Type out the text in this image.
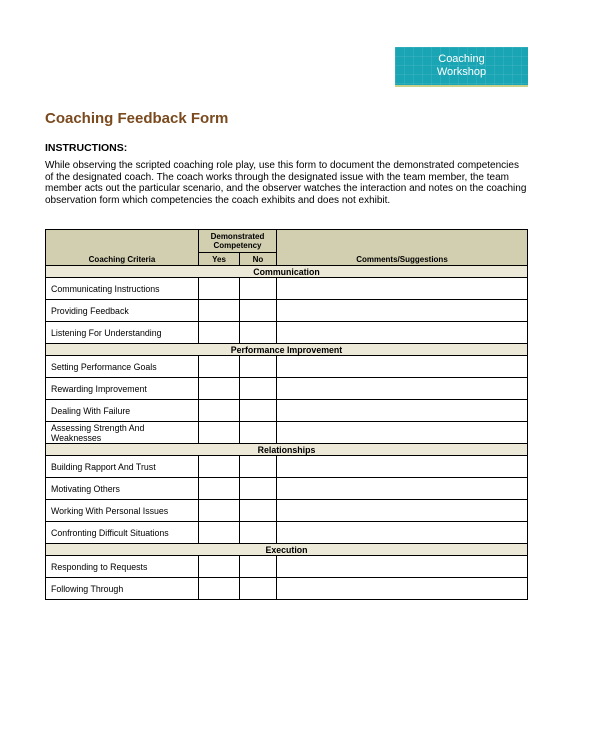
Coaching
Workshop
Coaching Feedback Form
INSTRUCTIONS:
While observing the scripted coaching role play, use this form to document the demonstrated competencies of the designated coach. The coach works through the designated issue with the team member, the team member acts out the particular scenario, and the observer watches the interaction and notes on the coaching observation form which competencies the coach exhibits and does not exhibit.
Coaching Criteria	Demonstrated Competency		Comments/Suggestions
	Yes	No	
Communication			
Communicating Instructions			
Providing Feedback			
Listening For Understanding			
Performance Improvement			
Setting Performance Goals			
Rewarding Improvement			
Dealing With Failure			
Assessing Strength And Weaknesses			
Relationships			
Building Rapport And Trust			
Motivating Others			
Working With Personal Issues			
Confronting Difficult Situations			
Execution			
Responding to Requests			
Following Through			
